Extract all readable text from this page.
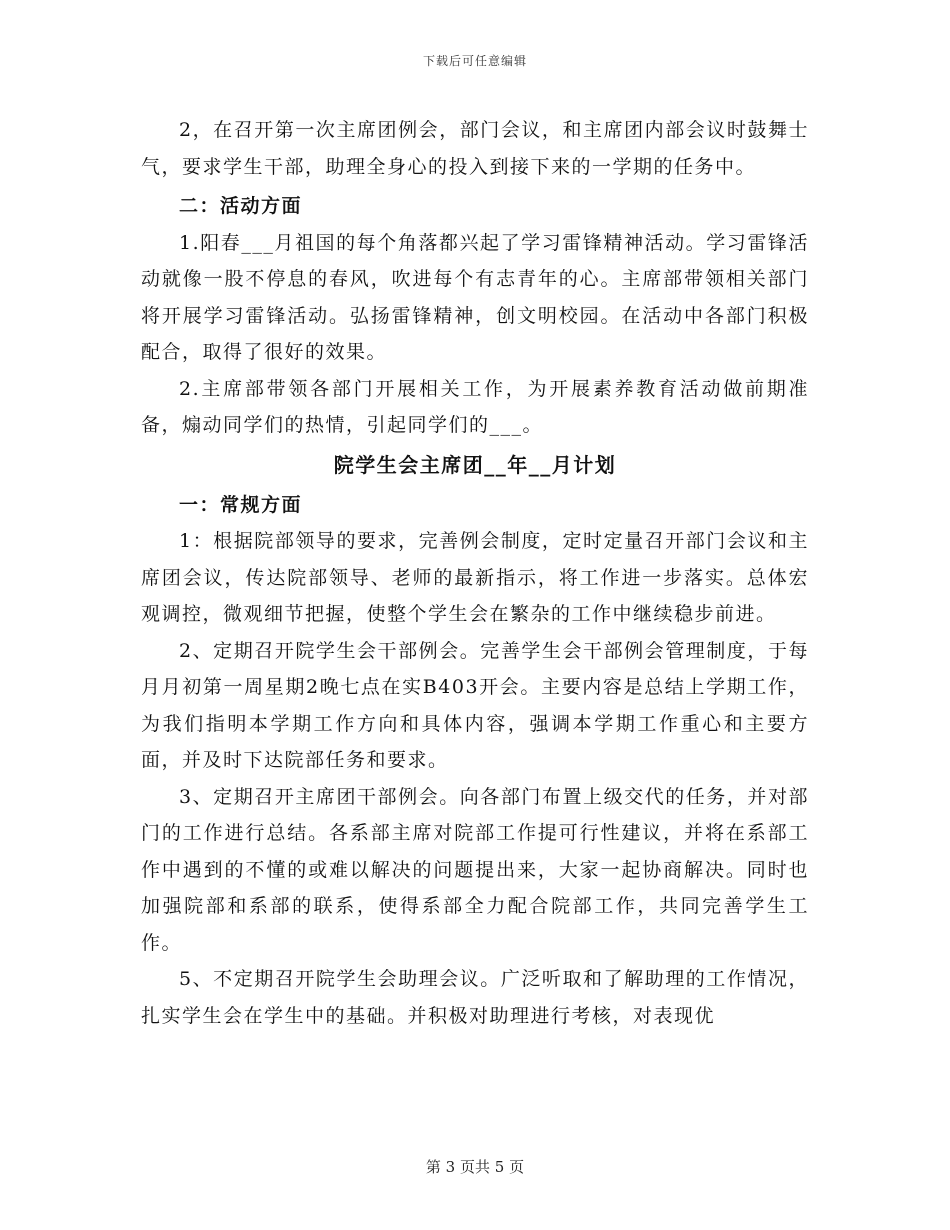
下载后可任意编辑

2，在召开第一次主席团例会，部门会议，和主席团内部会议时鼓舞士气，要求学生干部，助理全身心的投入到接下来的一学期的任务中。

二：活动方面

1.阳春___月祖国的每个角落都兴起了学习雷锋精神活动。学习雷锋活动就像一股不停息的春风，吹进每个有志青年的心。主席部带领相关部门将开展学习雷锋活动。弘扬雷锋精神，创文明校园。在活动中各部门积极配合，取得了很好的效果。

2.主席部带领各部门开展相关工作，为开展素养教育活动做前期准备，煽动同学们的热情，引起同学们的___。

院学生会主席团__年__月计划

一：常规方面

1：根据院部领导的要求，完善例会制度，定时定量召开部门会议和主席团会议，传达院部领导、老师的最新指示，将工作进一步落实。总体宏观调控，微观细节把握，使整个学生会在繁杂的工作中继续稳步前进。

2、定期召开院学生会干部例会。完善学生会干部例会管理制度，于每月月初第一周星期2晚七点在实B403开会。主要内容是总结上学期工作，为我们指明本学期工作方向和具体内容，强调本学期工作重心和主要方面，并及时下达院部任务和要求。

3、定期召开主席团干部例会。向各部门布置上级交代的任务，并对部门的工作进行总结。各系部主席对院部工作提可行性建议，并将在系部工作中遇到的不懂的或难以解决的问题提出来，大家一起协商解决。同时也加强院部和系部的联系，使得系部全力配合院部工作，共同完善学生工作。

5、不定期召开院学生会助理会议。广泛听取和了解助理的工作情况，扎实学生会在学生中的基础。并积极对助理进行考核，对表现优

第 3 页共 5 页
